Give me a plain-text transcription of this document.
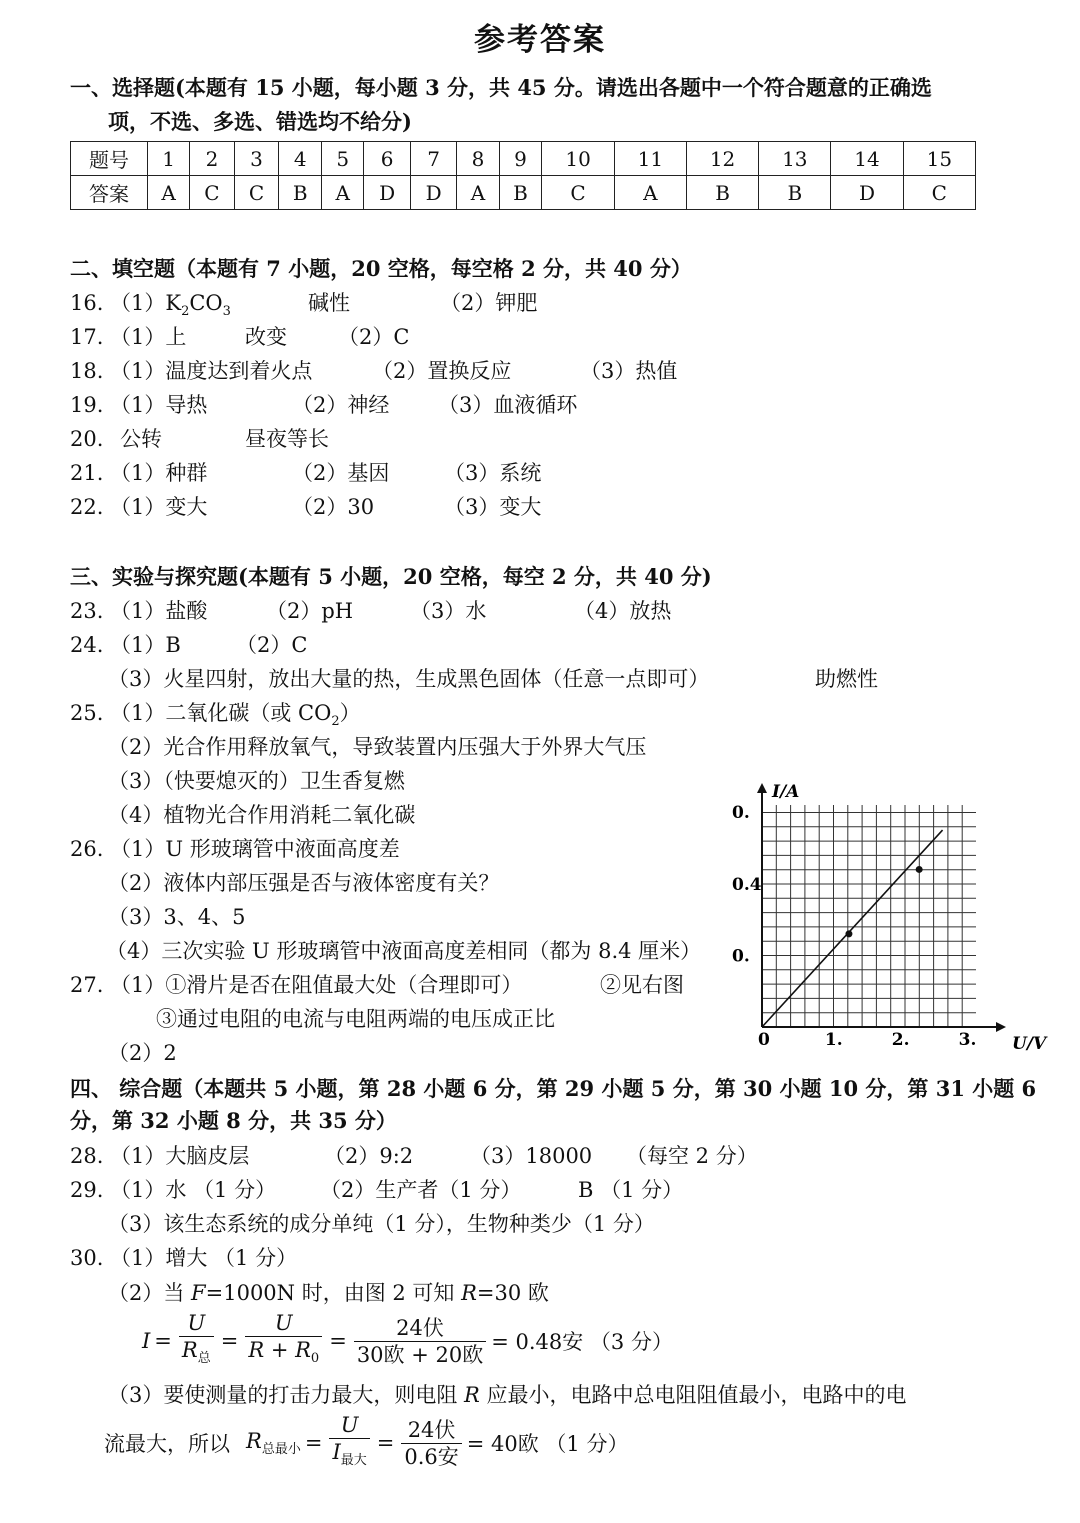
参考答案
一、选择题(本题有 15 小题，每小题 3 分，共 45 分。请选出各题中一个符合题意的正确选
项，不选、多选、错选均不给分)
题号	1	2	3	4	5	6	7	8	9	10	11	12	13	14	15
答案	A	C	C	B	A	D	D	A	B	C	A	B	B	D	C
二、填空题（本题有 7 小题，20 空格，每空格 2 分，共 40 分）
16. $(1)K_2CO_3$	碱性	（2）钾肥
17. （1）上	改变 （2）C
18. （1）温度达到着火点	（2）置换反应	（3）热值
19. （1）导热	（2）神经 （3）血液循环
20. 公转	昼夜等长
21. （1）种群	（2）基因	（3）系统
22. （1）变大	（2）30	（3）变大
三、实验与探究题(本题有 5 小题，20 空格，每空 2 分，共 40 分)
23. （1）盐酸	（2）pH	（3）水	（4）放热
24. （1）B	（2）C
（3）火星四射，放出大量的热，生成黑色固体（任意一点即可）	助燃性
25. （1）二氧化碳（或 $CO_2$）
（2）光合作用释放氧气，导致装置内压强大于外界大气压
（3）（快要熄灭的）卫生香复燃
（4）植物光合作用消耗二氧化碳
26. （1）U 形玻璃管中液面高度差
（2）液体内部压强是否与液体密度有关？
（3）3、4、5
（4）三次实验 U 形玻璃管中液面高度差相同（都为 8.4 厘米）
27. （1）①滑片是否在阻值最大处（合理即可）	②见右图
③通过电阻的电流与电阻两端的电压成正比
（2）2
I/A
U/V
0	1.	2.	3.
0.
0.4
0.
四、 综合题（本题共 5 小题，第 28 小题 6 分，第 29 小题 5 分，第 30 小题 10 分，第 31 小题 6
分，第 32 小题 8 分，共 35 分）
28. （1）大脑皮层	（2）9:2	（3）18000 （每空 2 分）
29. （1）水 （1 分） （2）生产者（1 分）	B （1 分）
（3）该生态系统的成分单纯（1 分），生物种类少（1 分）
30. （1）增大 （1 分）
（2）当 F=1000N 时，由图 2 可知 R=30 欧
$I = \frac{U}{R_总} = \frac{U}{R + R_0} = \frac{\text{24伏}}{\text{30欧 + 20欧}} = 0.48$安 （3 分）
（3）要使测量的打击力最大，则电阻 R 应最小，电路中总电阻阻值最小，电路中的电
流最大，所以 $R_{总最小} = \frac{U}{I_{最大}} = \frac{\text{24伏}}{\text{0.6安}} = 40$欧 （1 分）
